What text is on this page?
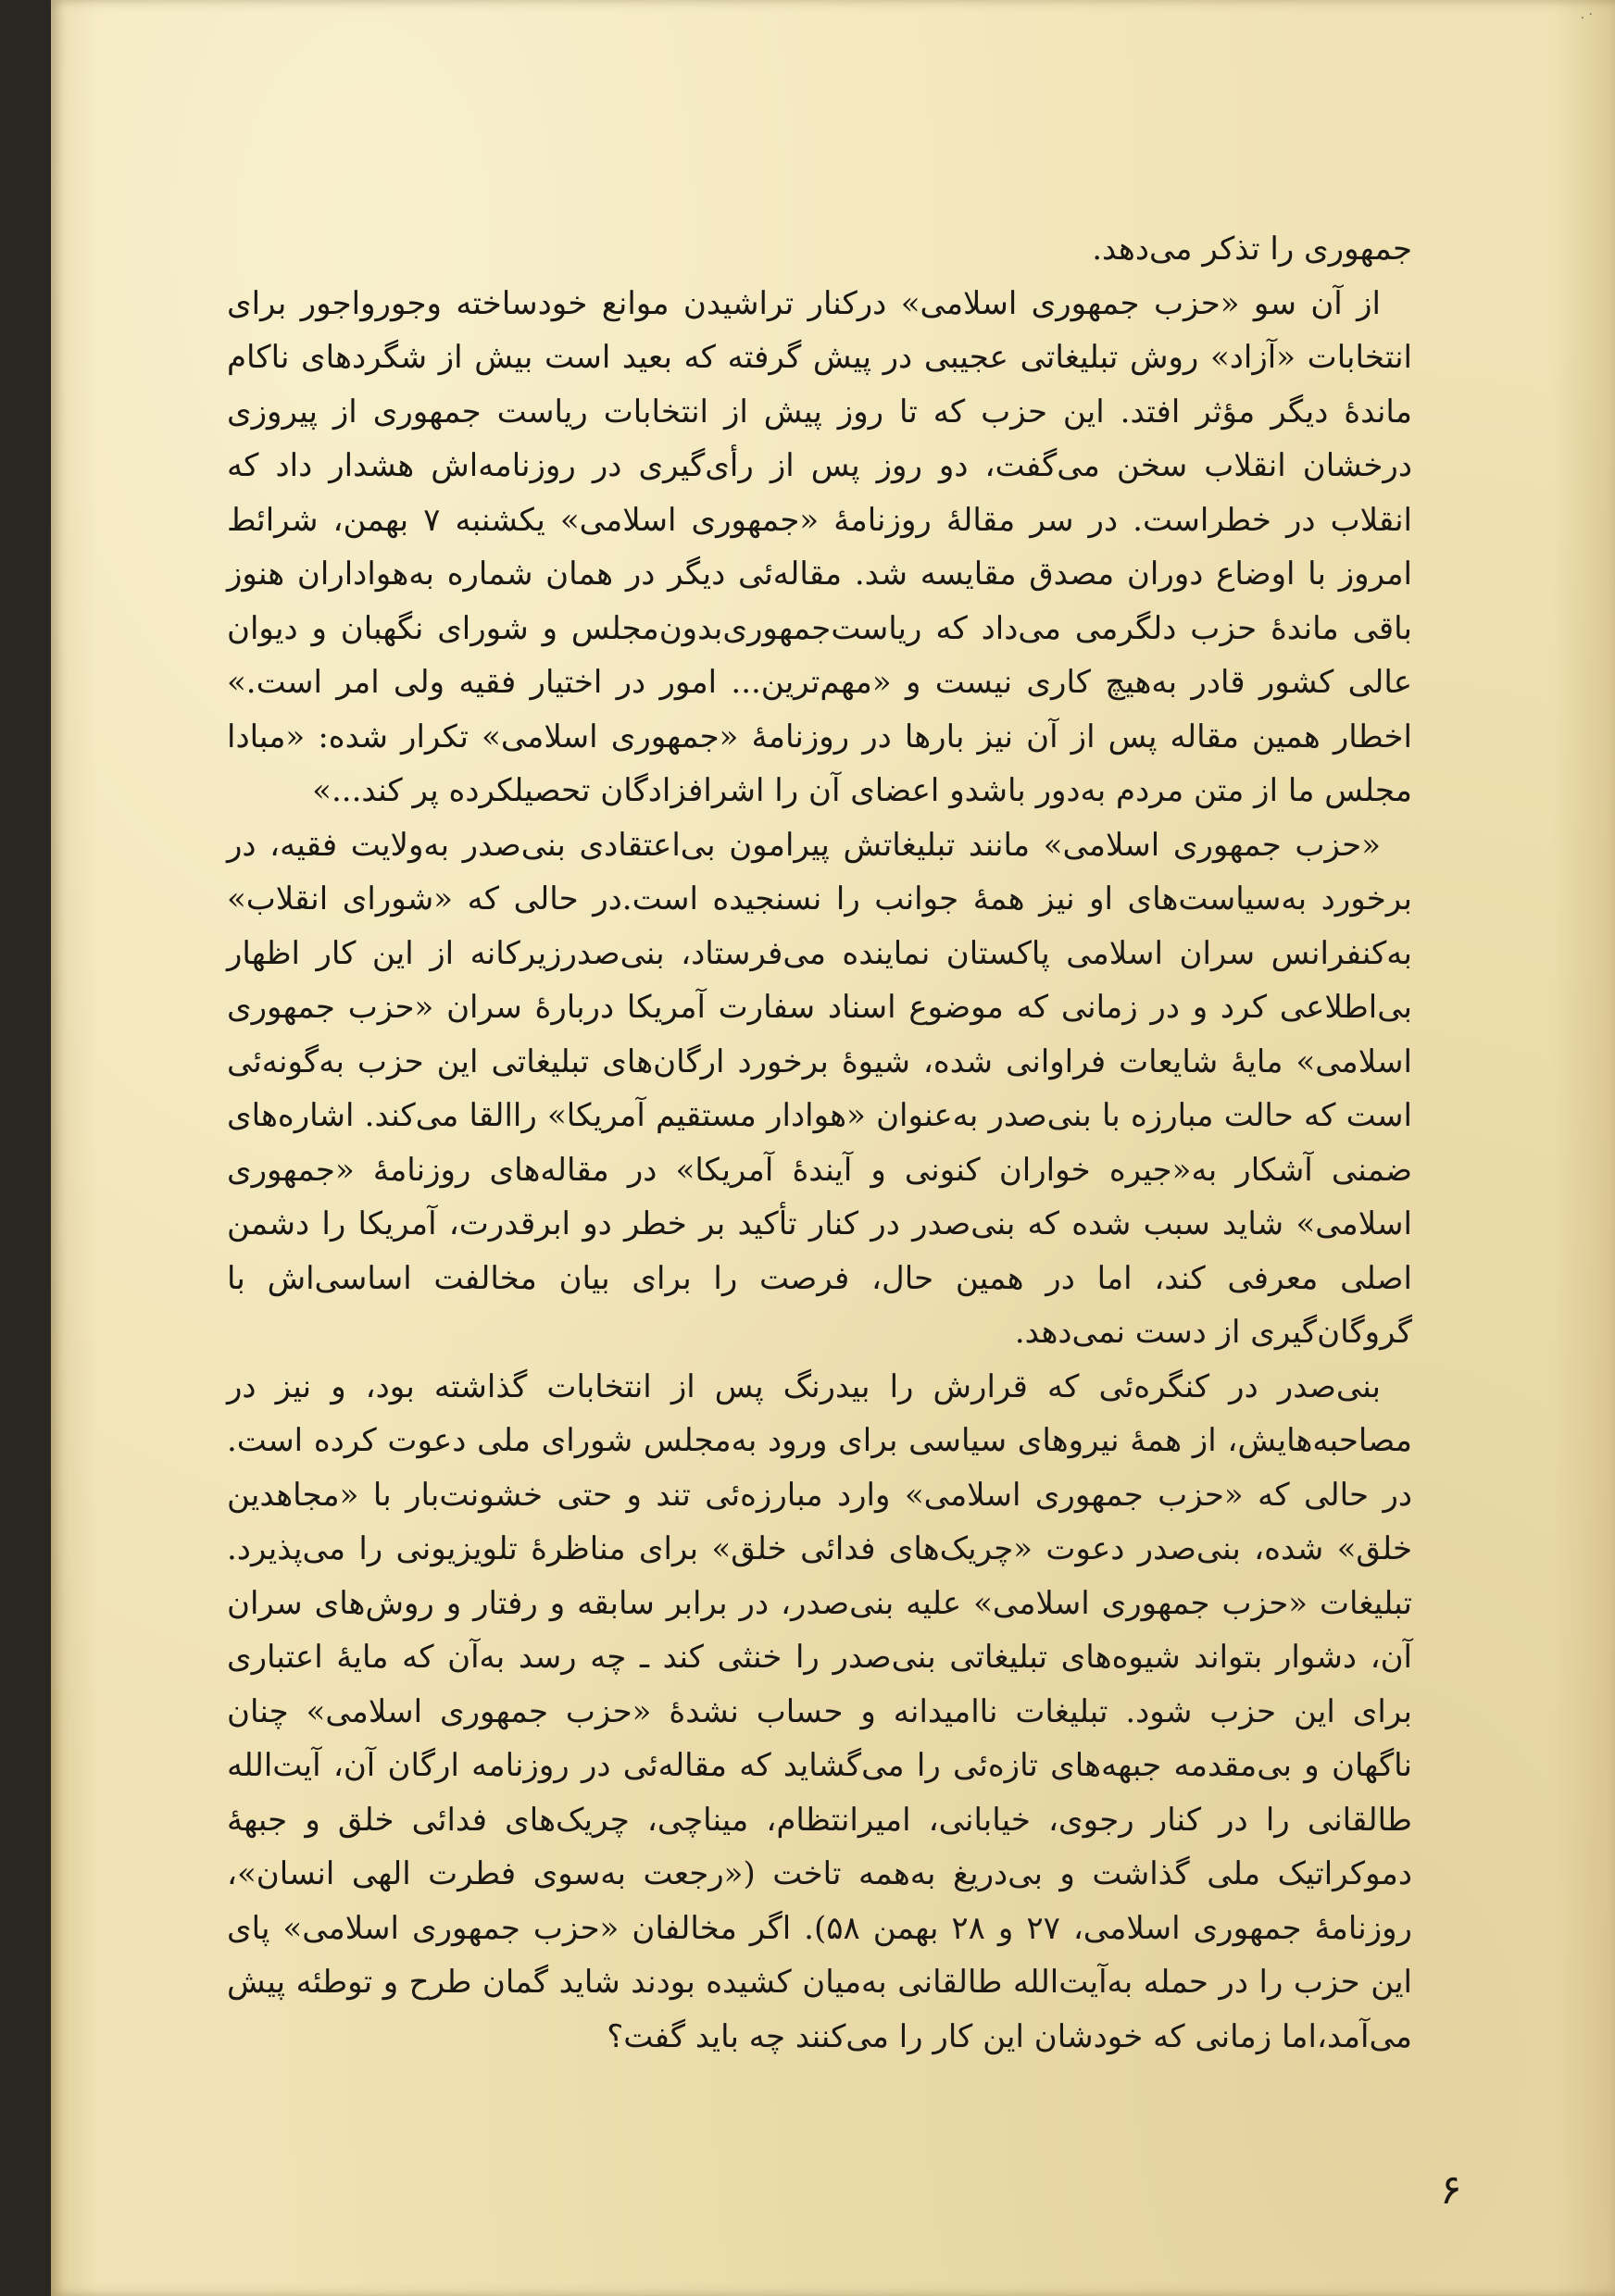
. ·

جمهوری را تذکر می‌دهد.

از آن سو «حزب جمهوری اسلامی» درکنار تراشیدن موانع خودساخته وجورواجور برای انتخابات «آزاد» روش تبلیغاتی عجیبی در پیش گرفته که بعید است بیش از شگردهای ناکام ماندهٔ دیگر مؤثر افتد. این حزب که تا روز پیش از انتخابات ریاست جمهوری از پیروزی درخشان انقلاب سخن می‌گفت، دو روز پس از رأی‌گیری در روزنامه‌اش هشدار داد که انقلاب در خطراست. در سر مقالهٔ روزنامهٔ «جمهوری اسلامی» یکشنبه ۷ بهمن، شرائط امروز با اوضاع دوران مصدق مقایسه شد. مقاله‌ئی دیگر در همان شماره به‌هواداران هنوز باقی ماندهٔ حزب دلگرمی می‌داد که ریاست‌جمهوری‌بدون‌مجلس و شورای نگهبان و دیوان عالی کشور قادر به‌هیچ کاری نیست و «مهم‌ترین... امور در اختیار فقیه ولی امر است.» اخطار همین مقاله پس از آن نیز بارها در روزنامهٔ «جمهوری اسلامی» تکرار شده: «مبادا مجلس ما از متن مردم به‌دور باشدو اعضای آن را اشرافزادگان تحصیلکرده پر کند...»

«حزب جمهوری اسلامی» مانند تبلیغاتش پیرامون بی‌اعتقادی بنی‌صدر به‌ولایت فقیه، در برخورد به‌سیاست‌های او نیز همهٔ جوانب را نسنجیده است.در حالی که «شورای انقلاب» به‌کنفرانس سران اسلامی پاکستان نماینده می‌فرستاد، بنی‌صدرزیرکانه از این کار اظهار بی‌اطلاعی کرد و در زمانی که موضوع اسناد سفارت آمریکا دربارهٔ سران «حزب جمهوری اسلامی» مایهٔ شایعات فراوانی شده، شیوهٔ برخورد ارگان‌های تبلیغاتی این حزب به‌گونه‌ئی است که حالت مبارزه با بنی‌صدر به‌عنوان «هوادار مستقیم آمریکا» راالقا می‌کند. اشاره‌های ضمنی آشکار به«جیره خواران کنونی و آیندهٔ آمریکا» در مقاله‌های روزنامهٔ «جمهوری اسلامی» شاید سبب شده که بنی‌صدر در کنار تأکید بر خطر دو ابرقدرت، آمریکا را دشمن اصلی معرفی کند، اما در همین حال، فرصت را برای بیان مخالفت اساسی‌اش با گروگان‌گیری از دست نمی‌دهد.

بنی‌صدر در کنگره‌ئی که قرارش را بیدرنگ پس از انتخابات گذاشته بود، و نیز در مصاحبه‌هایش، از همهٔ نیروهای سیاسی برای ورود به‌مجلس شورای ملی دعوت کرده است. در حالی که «حزب جمهوری اسلامی» وارد مبارزه‌ئی تند و حتی خشونت‌بار با «مجاهدین خلق» شده، بنی‌صدر دعوت «چریک‌های فدائی خلق» برای مناظرهٔ تلویزیونی را می‌پذیرد. تبلیغات «حزب جمهوری اسلامی» علیه بنی‌صدر، در برابر سابقه و رفتار و روش‌های سران آن، دشوار بتواند شیوه‌های تبلیغاتی بنی‌صدر را خنثی کند ـ چه رسد به‌آن که مایهٔ اعتباری برای این حزب شود. تبلیغات ناامیدانه و حساب نشدهٔ «حزب جمهوری اسلامی» چنان ناگهان و بی‌مقدمه جبهه‌های تازه‌ئی را می‌گشاید که مقاله‌ئی در روزنامه ارگان آن، آیت‌الله طالقانی را در کنار رجوی، خیابانی، امیرانتظام، میناچی، چریک‌های فدائی خلق و جبههٔ دموکراتیک ملی گذاشت و بی‌دریغ به‌همه تاخت («رجعت به‌سوی فطرت الهی انسان»، روزنامهٔ جمهوری اسلامی، ۲۷ و ۲۸ بهمن ۵۸). اگر مخالفان «حزب جمهوری اسلامی» پای این حزب را در حمله به‌آیت‌الله طالقانی به‌میان کشیده بودند شاید گمان طرح و توطئه پیش می‌آمد،اما زمانی که خودشان این کار را می‌کنند چه باید گفت؟

۶
